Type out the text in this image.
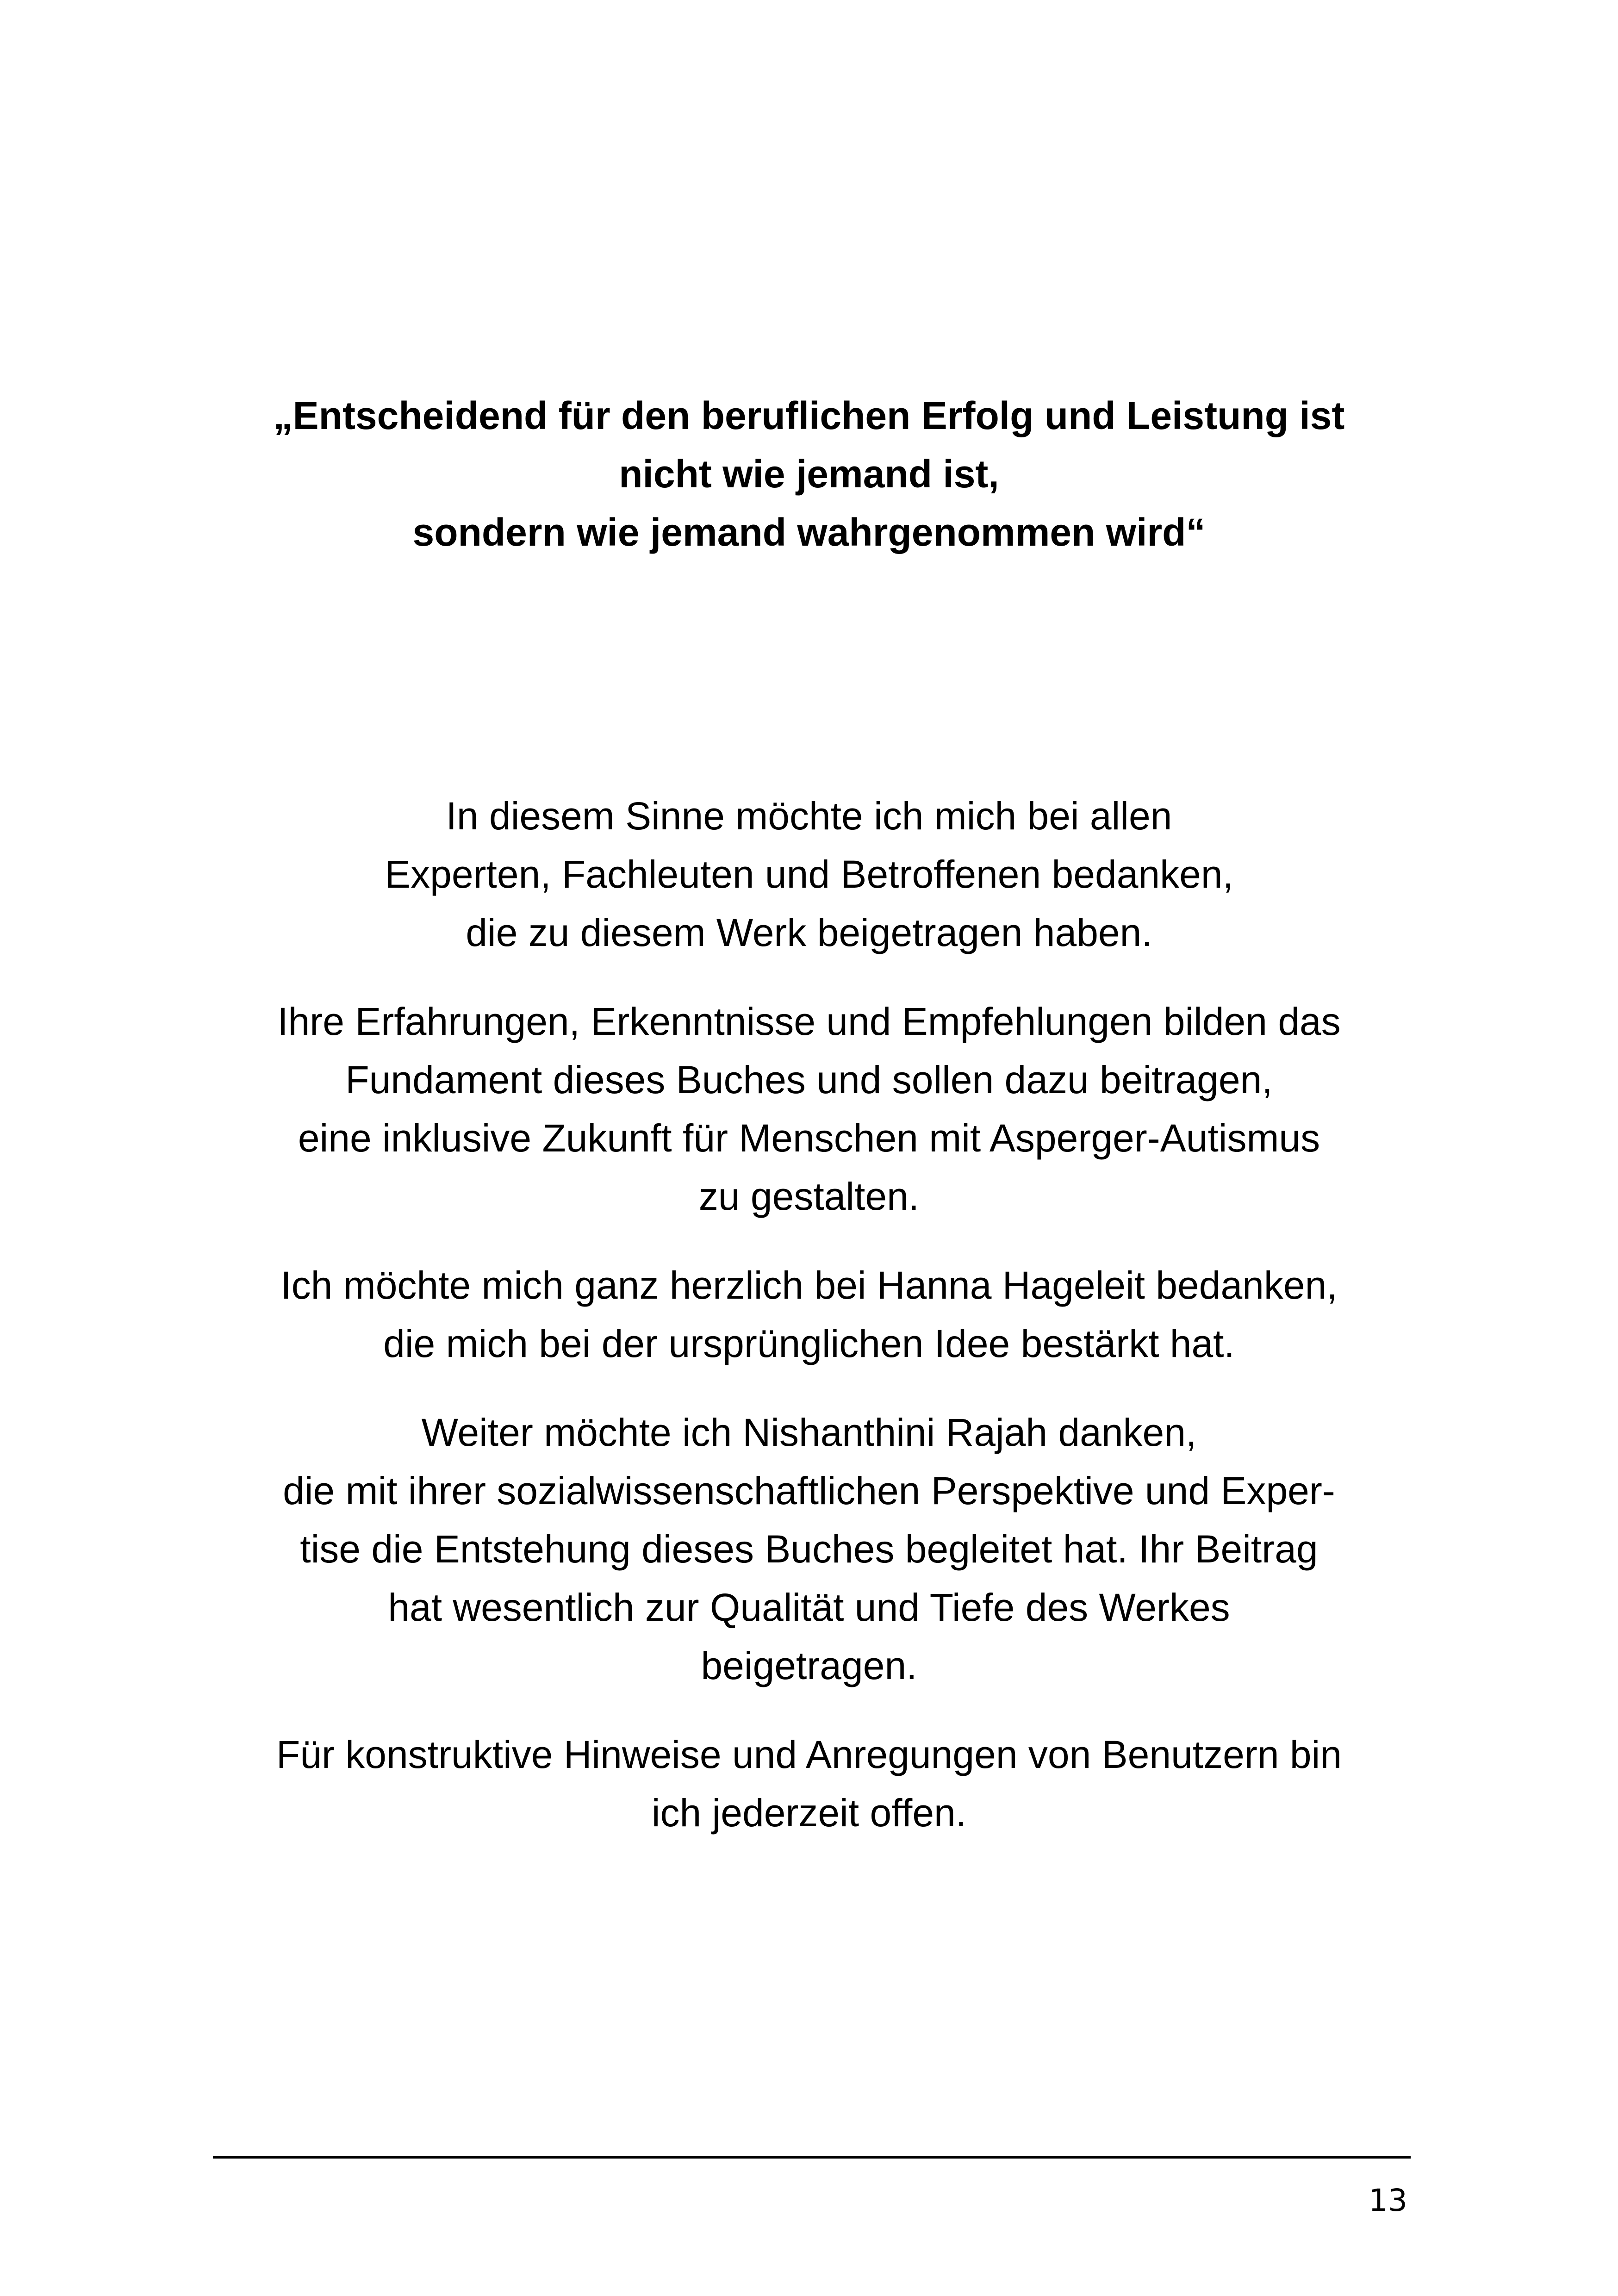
„Entscheidend für den beruflichen Erfolg und Leistung ist
nicht wie jemand ist,
sondern wie jemand wahrgenommen wird“

In diesem Sinne möchte ich mich bei allen
Experten, Fachleuten und Betroffenen bedanken,
die zu diesem Werk beigetragen haben.

Ihre Erfahrungen, Erkenntnisse und Empfehlungen bilden das
Fundament dieses Buches und sollen dazu beitragen,
eine inklusive Zukunft für Menschen mit Asperger-Autismus
zu gestalten.

Ich möchte mich ganz herzlich bei Hanna Hageleit bedanken,
die mich bei der ursprünglichen Idee bestärkt hat.

Weiter möchte ich Nishanthini Rajah danken,
die mit ihrer sozialwissenschaftlichen Perspektive und Exper-
tise die Entstehung dieses Buches begleitet hat. Ihr Beitrag
hat wesentlich zur Qualität und Tiefe des Werkes
beigetragen.

Für konstruktive Hinweise und Anregungen von Benutzern bin
ich jederzeit offen.

13
